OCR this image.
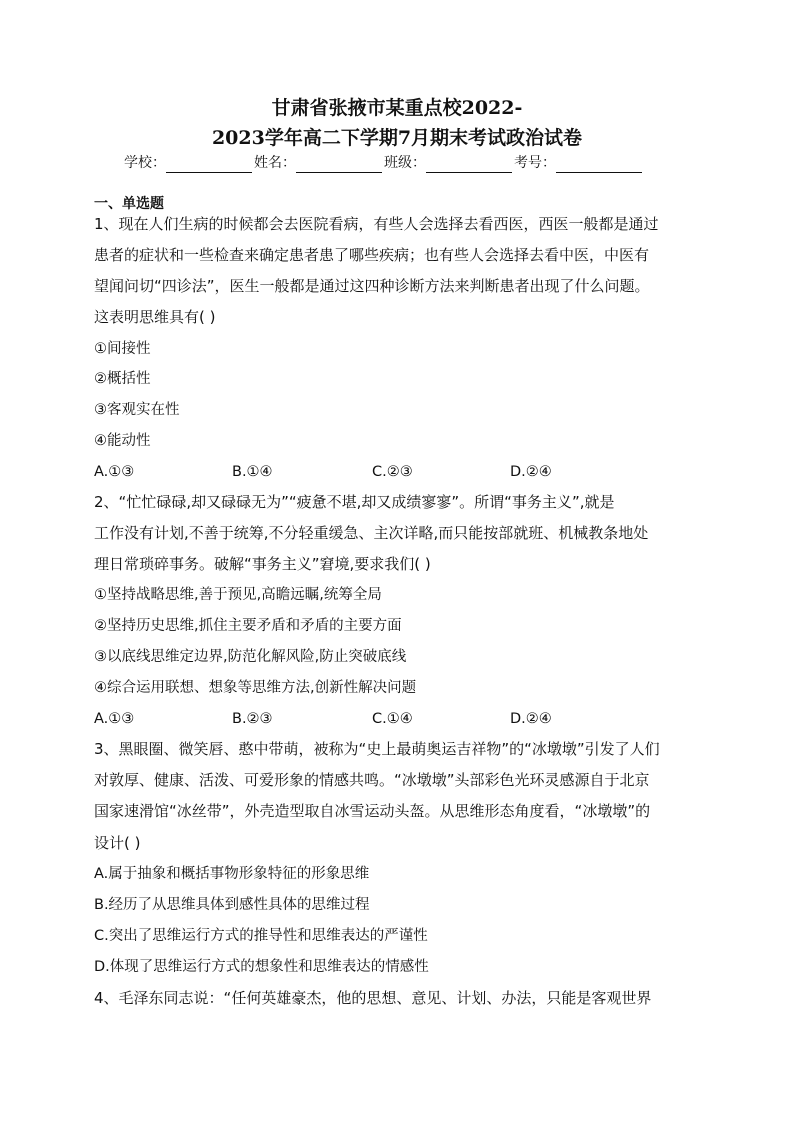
甘肃省张掖市某重点校2022-
2023学年高二下学期7月期末考试政治试卷
学校：	姓名：	班级：	考号：
一、单选题
1、现在人们生病的时候都会去医院看病，有些人会选择去看西医，西医一般都是通过
患者的症状和一些检查来确定患者患了哪些疾病；也有些人会选择去看中医，中医有
望闻问切“四诊法”，医生一般都是通过这四种诊断方法来判断患者出现了什么问题。
这表明思维具有( )
①间接性
②概括性
③客观实在性
④能动性
A.①③	B.①④	C.②③	D.②④
2、“忙忙碌碌,却又碌碌无为”“疲惫不堪,却又成绩寥寥”。所谓“事务主义”,就是
工作没有计划,不善于统筹,不分轻重缓急、主次详略,而只能按部就班、机械教条地处
理日常琐碎事务。破解“事务主义”窘境,要求我们( )
①坚持战略思维,善于预见,高瞻远瞩,统筹全局
②坚持历史思维,抓住主要矛盾和矛盾的主要方面
③以底线思维定边界,防范化解风险,防止突破底线
④综合运用联想、想象等思维方法,创新性解决问题
A.①③	B.②③	C.①④	D.②④
3、黑眼圈、微笑唇、憨中带萌，被称为“史上最萌奥运吉祥物”的“冰墩墩”引发了人们
对敦厚、健康、活泼、可爱形象的情感共鸣。“冰墩墩”头部彩色光环灵感源自于北京
国家速滑馆“冰丝带”，外壳造型取自冰雪运动头盔。从思维形态角度看，“冰墩墩”的
设计( )
A.属于抽象和概括事物形象特征的形象思维
B.经历了从思维具体到感性具体的思维过程
C.突出了思维运行方式的推导性和思维表达的严谨性
D.体现了思维运行方式的想象性和思维表达的情感性
4、毛泽东同志说：“任何英雄豪杰，他的思想、意见、计划、办法，只能是客观世界
